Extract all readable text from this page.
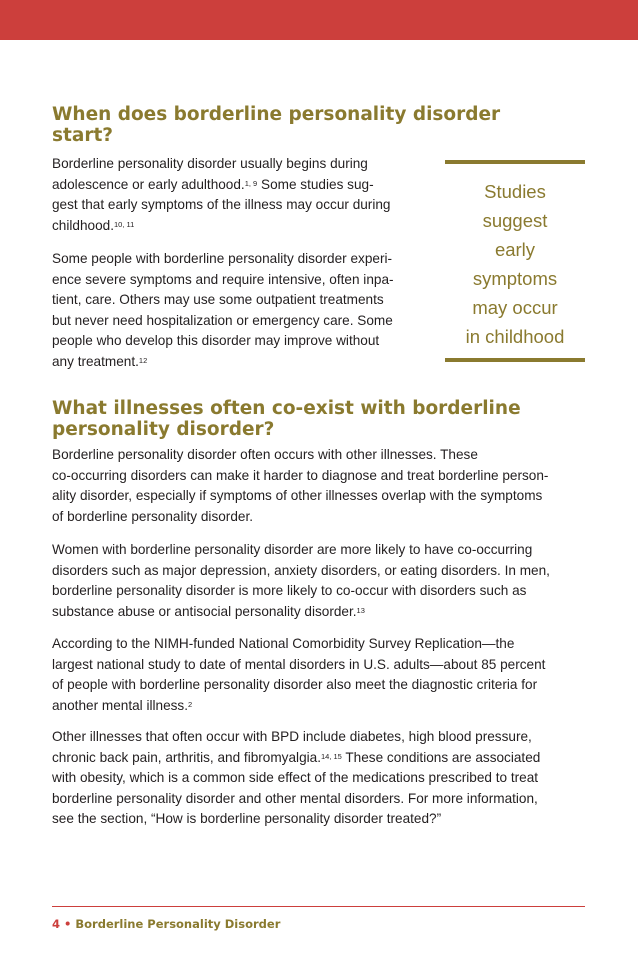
When does borderline personality disorder
start?

Borderline personality disorder usually begins during
adolescence or early adulthood.$^{1, 9}$ Some studies sug-
gest that early symptoms of the illness may occur during
childhood.$^{10, 11}$

Some people with borderline personality disorder experi-
ence severe symptoms and require intensive, often inpa-
tient, care. Others may use some outpatient treatments
but never need hospitalization or emergency care. Some
people who develop this disorder may improve without
any treatment.$^{12}$

Studies
suggest
early
symptoms
may occur
in childhood
What illnesses often co-exist with borderline
personality disorder?

Borderline personality disorder often occurs with other illnesses. These
co-occurring disorders can make it harder to diagnose and treat borderline person-
ality disorder, especially if symptoms of other illnesses overlap with the symptoms
of borderline personality disorder.

Women with borderline personality disorder are more likely to have co-occurring
disorders such as major depression, anxiety disorders, or eating disorders. In men,
borderline personality disorder is more likely to co-occur with disorders such as
substance abuse or antisocial personality disorder.$^{13}$

According to the NIMH-funded National Comorbidity Survey Replication—the
largest national study to date of mental disorders in U.S. adults—about 85 percent
of people with borderline personality disorder also meet the diagnostic criteria for
another mental illness.$^2$

Other illnesses that often occur with BPD include diabetes, high blood pressure,
chronic back pain, arthritis, and fibromyalgia.$^{14, 15}$ These conditions are associated
with obesity, which is a common side effect of the medications prescribed to treat
borderline personality disorder and other mental disorders. For more information,
see the section, “How is borderline personality disorder treated?”

4 • Borderline Personality Disorder
